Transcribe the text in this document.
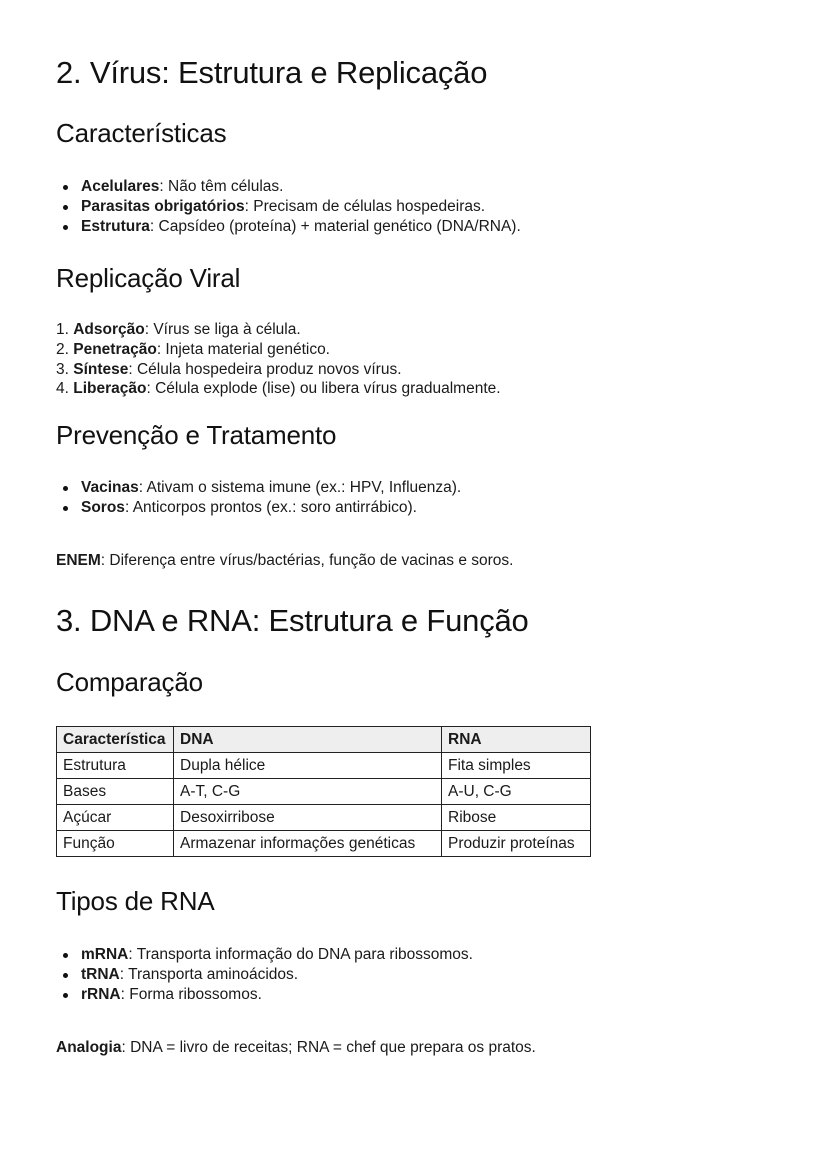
2. Vírus: Estrutura e Replicação
Características
Acelulares: Não têm células.
Parasitas obrigatórios: Precisam de células hospedeiras.
Estrutura: Capsídeo (proteína) + material genético (DNA/RNA).
Replicação Viral
1. Adsorção: Vírus se liga à célula.
2. Penetração: Injeta material genético.
3. Síntese: Célula hospedeira produz novos vírus.
4. Liberação: Célula explode (lise) ou libera vírus gradualmente.
Prevenção e Tratamento
Vacinas: Ativam o sistema imune (ex.: HPV, Influenza).
Soros: Anticorpos prontos (ex.: soro antirrábico).

ENEM: Diferença entre vírus/bactérias, função de vacinas e soros.

3. DNA e RNA: Estrutura e Função
Comparação
Característica	DNA	RNA
Estrutura	Dupla hélice	Fita simples
Bases	A-T, C-G	A-U, C-G
Açúcar	Desoxirribose	Ribose
Função	Armazenar informações genéticas	Produzir proteínas
Tipos de RNA
mRNA: Transporta informação do DNA para ribossomos.
tRNA: Transporta aminoácidos.
rRNA: Forma ribossomos.

Analogia: DNA = livro de receitas; RNA = chef que prepara os pratos.
